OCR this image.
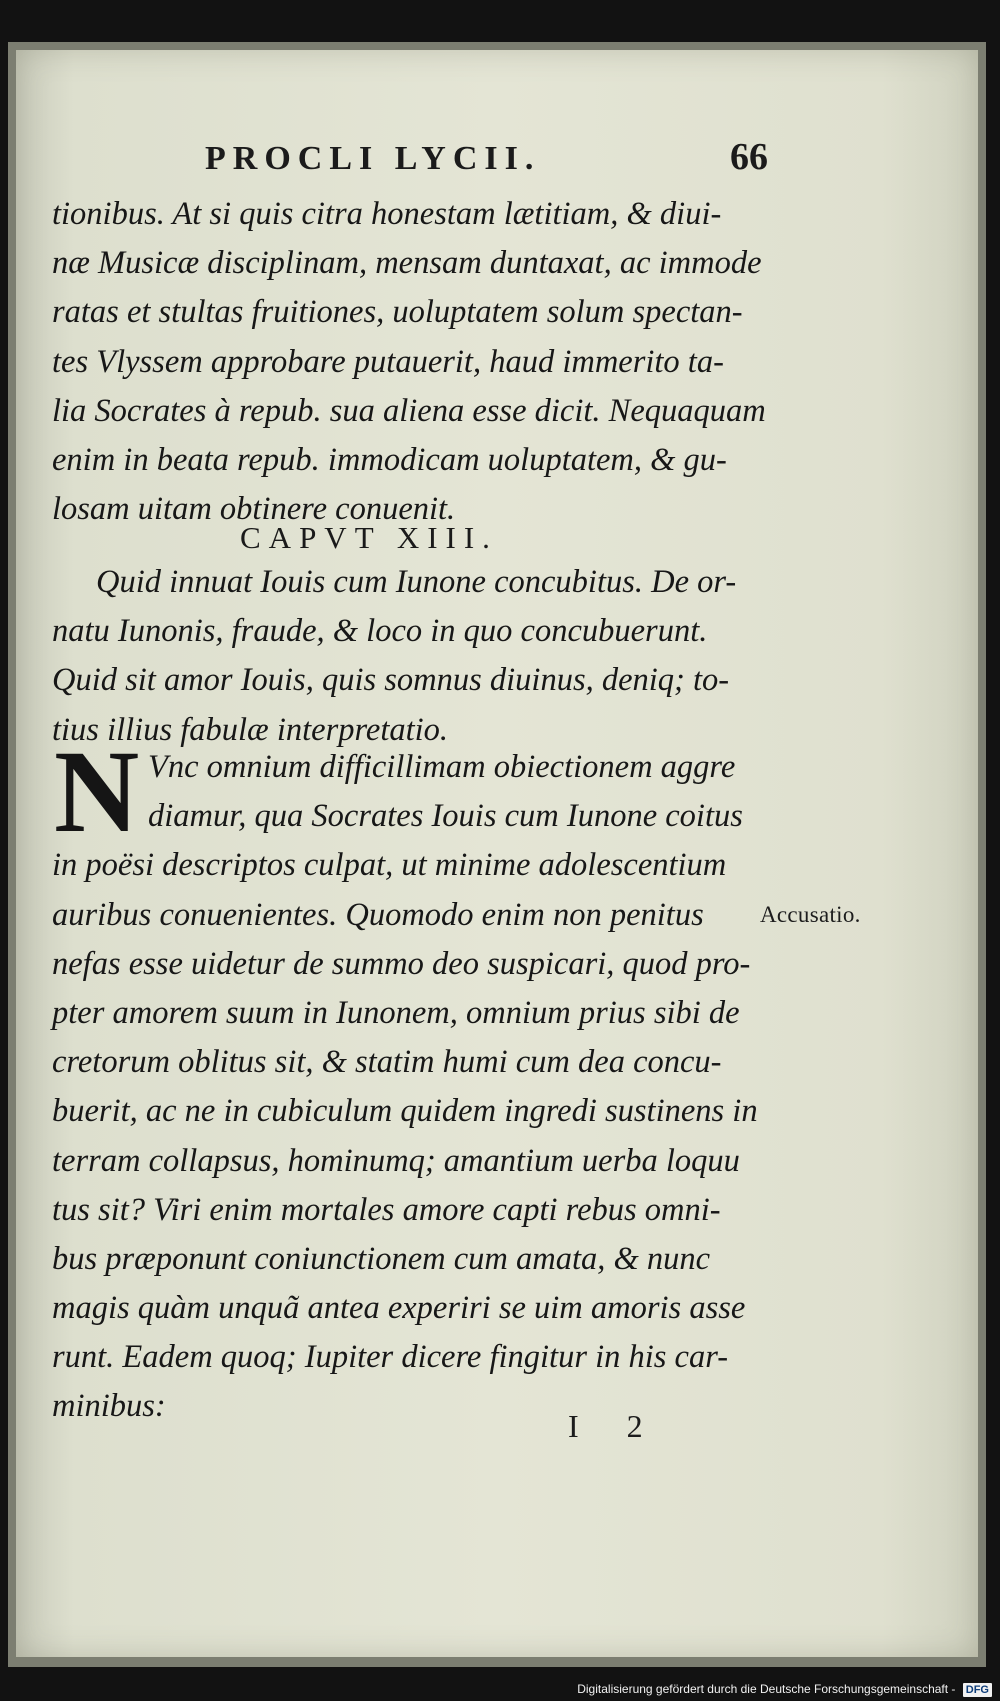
PROCLI LYCII.	66
tionibus. At si quis citra honestam lætitiam, & diui-
næ Musicæ disciplinam, mensam duntaxat, ac immode
ratas et stultas fruitiones, uoluptatem solum spectan-
tes Vlyssem approbare putauerit, haud immerito ta-
lia Socrates à repub. sua aliena esse dicit. Nequaquam
enim in beata repub. immodicam uoluptatem, & gu-
losam uitam obtinere conuenit.
CAPVT XIII.
Quid innuat Iouis cum Iunone concubitus. De or-
natu Iunonis, fraude, & loco in quo concubuerunt.
Quid sit amor Iouis, quis somnus diuinus, deniq; to-
tius illius fabulæ interpretatio.
N Vnc omnium difficillimam obiectionem aggre
diamur, qua Socrates Iouis cum Iunone coitus
in poësi descriptos culpat, ut minime adolescentium
auribus conuenientes. Quomodo enim non penitus
nefas esse uidetur de summo deo suspicari, quod pro-
pter amorem suum in Iunonem, omnium prius sibi de
cretorum oblitus sit, & statim humi cum dea concu-
buerit, ac ne in cubiculum quidem ingredi sustinens in
terram collapsus, hominumq; amantium uerba loquu
tus sit? Viri enim mortales amore capti rebus omni-
bus præponunt coniunctionem cum amata, & nunc
magis quàm unquã antea experiri se uim amoris asse
runt. Eadem quoq; Iupiter dicere fingitur in his car-
minibus:
Accusatio.
I 2
Digitalisierung gefördert durch die Deutsche Forschungsgemeinschaft - DFG
